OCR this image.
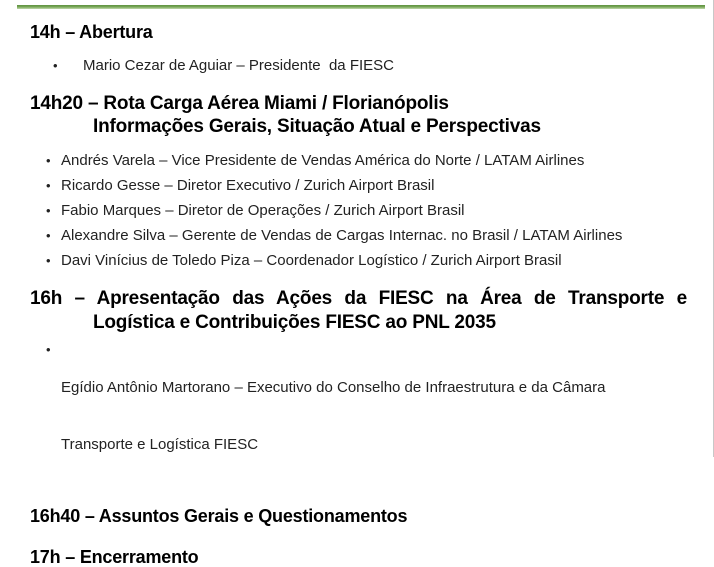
14h – Abertura
• Mario Cezar de Aguiar – Presidente  da FIESC
14h20 – Rota Carga Aérea Miami / Florianópolis
Informações Gerais, Situação Atual e Perspectivas
• Andrés Varela – Vice Presidente de Vendas América do Norte / LATAM Airlines
• Ricardo Gesse – Diretor Executivo / Zurich Airport Brasil
• Fabio Marques – Diretor de Operações / Zurich Airport Brasil
• Alexandre Silva – Gerente de Vendas de Cargas Internac. no Brasil / LATAM Airlines
• Davi Vinícius de Toledo Piza – Coordenador Logístico / Zurich Airport Brasil
16h – Apresentação das Ações da FIESC na Área de Transporte e
Logística e Contribuições FIESC ao PNL 2035

• Egídio Antônio Martorano – Executivo do Conselho de Infraestrutura e da Câmara

Transporte e Logística FIESC

16h40 – Assuntos Gerais e Questionamentos
17h – Encerramento
